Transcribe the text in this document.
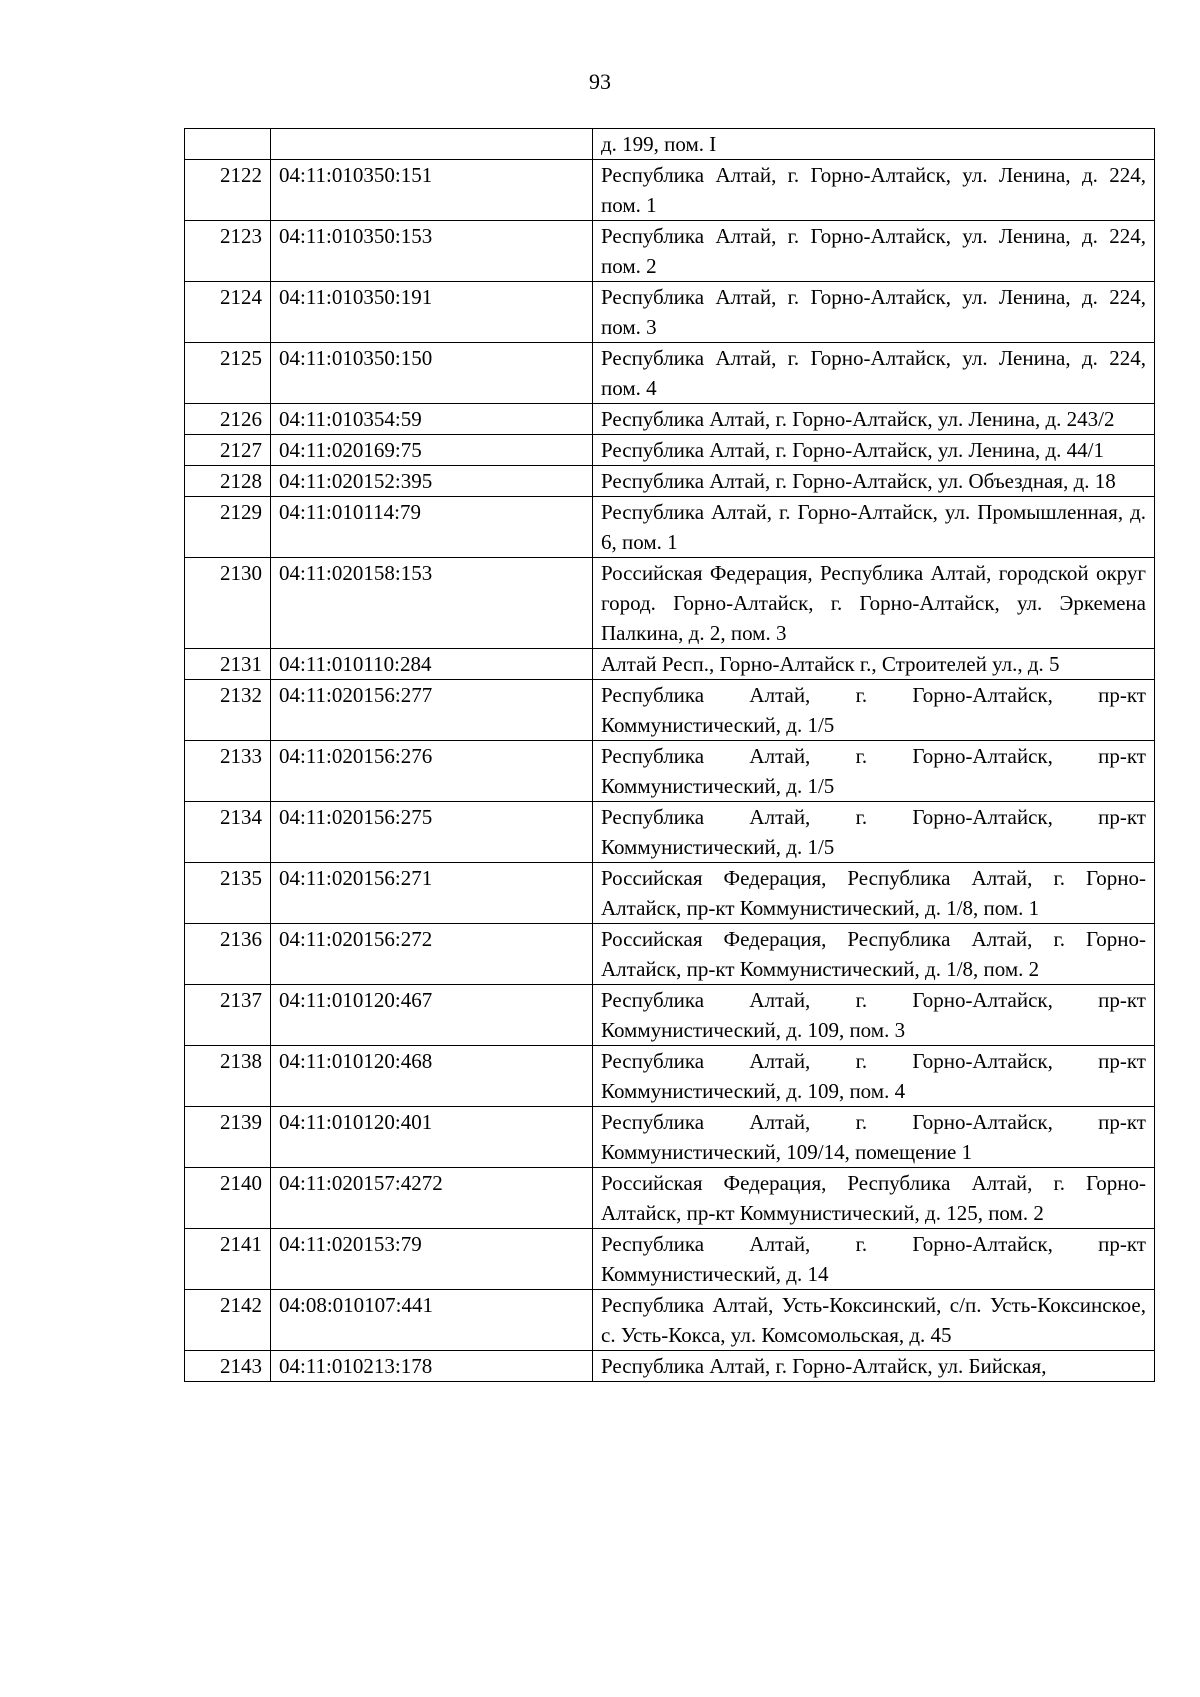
93
		д. 199, пом. I
2122	04:11:010350:151	Республика Алтай, г. Горно-Алтайск, ул. Ленина, д. 224, пом. 1
2123	04:11:010350:153	Республика Алтай, г. Горно-Алтайск, ул. Ленина, д. 224, пом. 2
2124	04:11:010350:191	Республика Алтай, г. Горно-Алтайск, ул. Ленина, д. 224, пом. 3
2125	04:11:010350:150	Республика Алтай, г. Горно-Алтайск, ул. Ленина, д. 224, пом. 4
2126	04:11:010354:59	Республика Алтай, г. Горно-Алтайск, ул. Ленина, д. 243/2
2127	04:11:020169:75	Республика Алтай, г. Горно-Алтайск, ул. Ленина, д. 44/1
2128	04:11:020152:395	Республика Алтай, г. Горно-Алтайск, ул. Объездная, д. 18
2129	04:11:010114:79	Республика Алтай, г. Горно-Алтайск, ул. Промышленная, д. 6, пом. 1
2130	04:11:020158:153	Российская Федерация, Республика Алтай, городской округ город. Горно-Алтайск, г. Горно-Алтайск, ул. Эркемена Палкина, д. 2, пом. 3
2131	04:11:010110:284	Алтай Респ., Горно-Алтайск г., Строителей ул., д. 5
2132	04:11:020156:277	Республика Алтай, г. Горно-Алтайск, пр-кт Коммунистический, д. 1/5
2133	04:11:020156:276	Республика Алтай, г. Горно-Алтайск, пр-кт Коммунистический, д. 1/5
2134	04:11:020156:275	Республика Алтай, г. Горно-Алтайск, пр-кт Коммунистический, д. 1/5
2135	04:11:020156:271	Российская Федерация, Республика Алтай, г. Горно-Алтайск, пр-кт Коммунистический, д. 1/8, пом. 1
2136	04:11:020156:272	Российская Федерация, Республика Алтай, г. Горно-Алтайск, пр-кт Коммунистический, д. 1/8, пом. 2
2137	04:11:010120:467	Республика Алтай, г. Горно-Алтайск, пр-кт Коммунистический, д. 109, пом. 3
2138	04:11:010120:468	Республика Алтай, г. Горно-Алтайск, пр-кт Коммунистический, д. 109, пом. 4
2139	04:11:010120:401	Республика Алтай, г. Горно-Алтайск, пр-кт Коммунистический, 109/14, помещение 1
2140	04:11:020157:4272	Российская Федерация, Республика Алтай, г. Горно-Алтайск, пр-кт Коммунистический, д. 125, пом. 2
2141	04:11:020153:79	Республика Алтай, г. Горно-Алтайск, пр-кт Коммунистический, д. 14
2142	04:08:010107:441	Республика Алтай, Усть-Коксинский, с/п. Усть-Коксинское, с. Усть-Кокса, ул. Комсомольская, д. 45
2143	04:11:010213:178	Республика Алтай, г. Горно-Алтайск, ул. Бийская,
